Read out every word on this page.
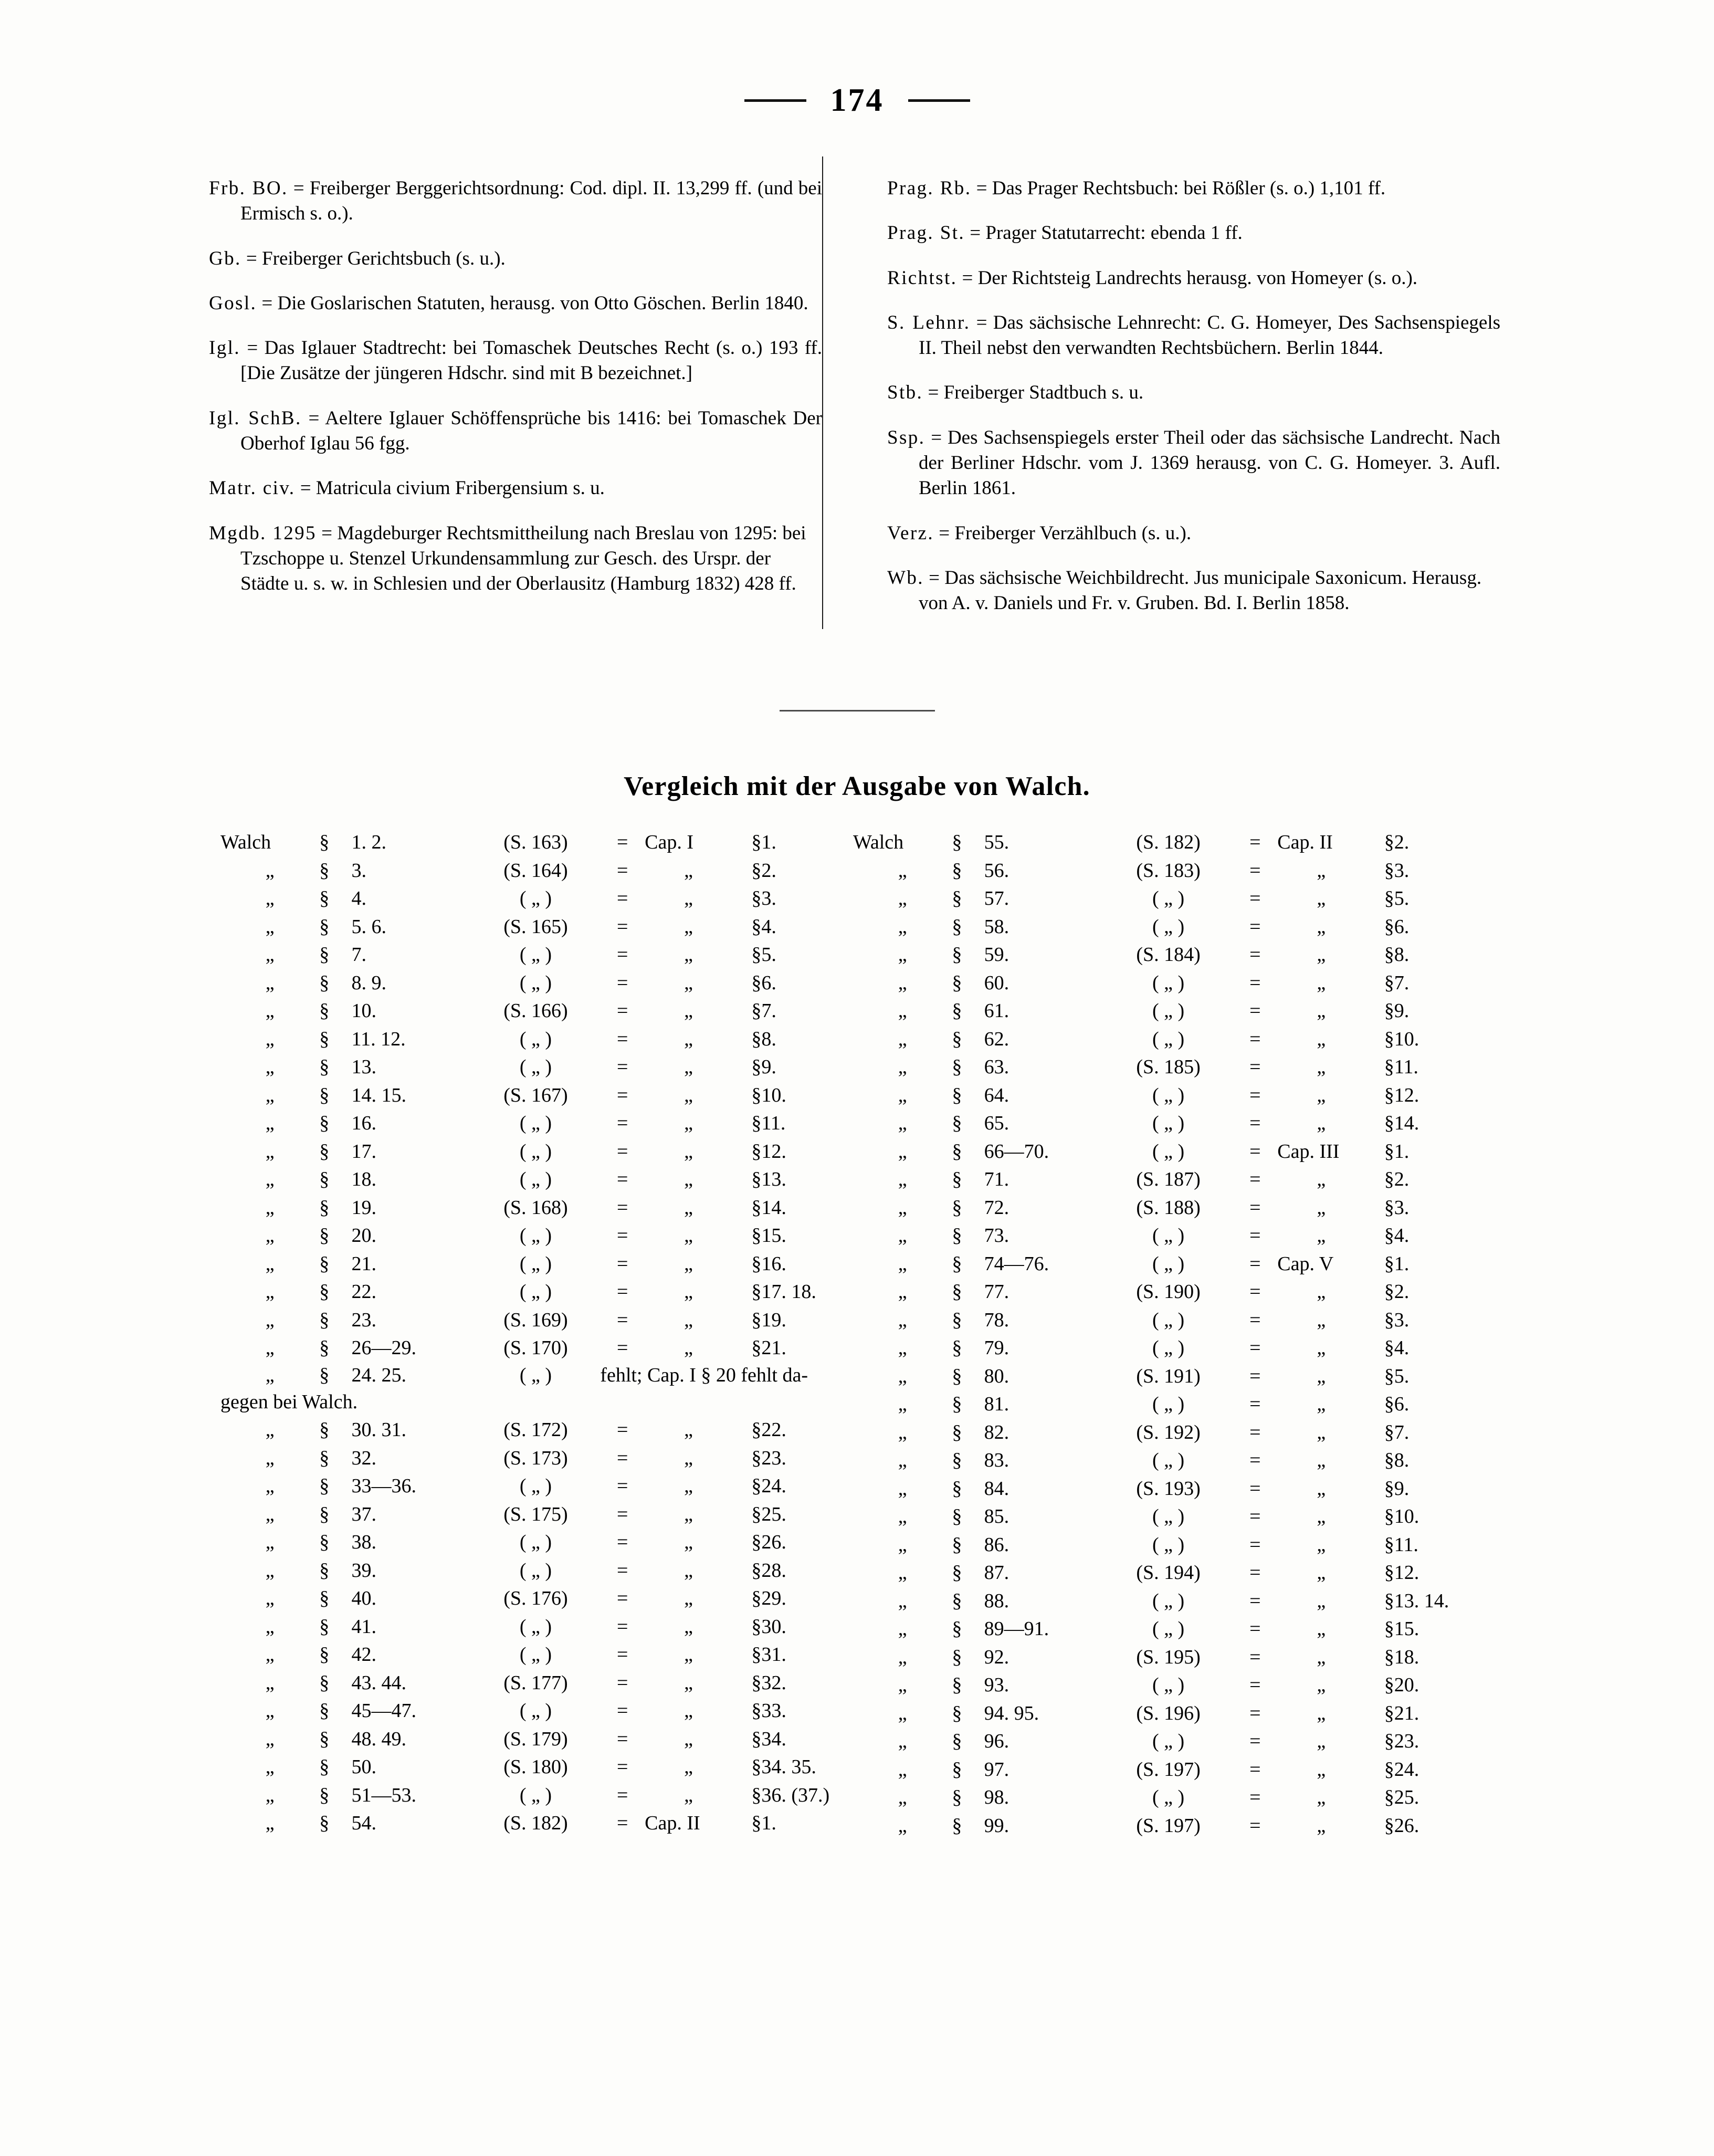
174

Frb. BO. = Freiberger Berggerichtsordnung: Cod. dipl. II. 13,299 ff. (und bei Ermisch s. o.).

Gb. = Freiberger Gerichtsbuch (s. u.).

Gosl. = Die Goslarischen Statuten, herausg. von Otto Göschen. Berlin 1840.

Igl. = Das Iglauer Stadtrecht: bei Tomaschek Deutsches Recht (s. o.) 193 ff. [Die Zusätze der jüngeren Hdschr. sind mit B bezeichnet.]

Igl. SchB. = Aeltere Iglauer Schöffensprüche bis 1416: bei Tomaschek Der Oberhof Iglau 56 fgg.

Matr. civ. = Matricula civium Fribergensium s. u.

Mgdb. 1295 = Magdeburger Rechtsmittheilung nach Breslau von 1295: bei Tzschoppe u. Stenzel Urkundensammlung zur Gesch. des Urspr. der Städte u. s. w. in Schlesien und der Oberlausitz (Hamburg 1832) 428 ff.

Prag. Rb. = Das Prager Rechtsbuch: bei Rößler (s. o.) 1,101 ff.

Prag. St. = Prager Statutarrecht: ebenda 1 ff.

Richtst. = Der Richtsteig Landrechts herausg. von Homeyer (s. o.).

S. Lehnr. = Das sächsische Lehnrecht: C. G. Homeyer, Des Sachsenspiegels II. Theil nebst den verwandten Rechtsbüchern. Berlin 1844.

Stb. = Freiberger Stadtbuch s. u.

Ssp. = Des Sachsenspiegels erster Theil oder das sächsische Landrecht. Nach der Berliner Hdschr. vom J. 1369 herausg. von C. G. Homeyer. 3. Aufl. Berlin 1861.

Verz. = Freiberger Verzählbuch (s. u.).

Wb. = Das sächsische Weichbildrecht. Jus municipale Saxonicum. Herausg. von A. v. Daniels und Fr. v. Gruben. Bd. I. Berlin 1858.

Vergleich mit der Ausgabe von Walch.
Walch	§	1. 2.	(S. 163)	=	Cap. I	§	1.
„	§	3.	(S. 164)	=	„	§	2.
„	§	4.	( „ )	=	„	§	3.
„	§	5. 6.	(S. 165)	=	„	§	4.
„	§	7.	( „ )	=	„	§	5.
„	§	8. 9.	( „ )	=	„	§	6.
„	§	10.	(S. 166)	=	„	§	7.
„	§	11. 12.	( „ )	=	„	§	8.
„	§	13.	( „ )	=	„	§	9.
„	§	14. 15.	(S. 167)	=	„	§	10.
„	§	16.	( „ )	=	„	§	11.
„	§	17.	( „ )	=	„	§	12.
„	§	18.	( „ )	=	„	§	13.
„	§	19.	(S. 168)	=	„	§	14.
„	§	20.	( „ )	=	„	§	15.
„	§	21.	( „ )	=	„	§	16.
„	§	22.	( „ )	=	„	§	17. 18.
„	§	23.	(S. 169)	=	„	§	19.
„	§	26—29.	(S. 170)	=	„	§	21.
„	§	24. 25.	( „ )	fehlt; Cap. I § 20 fehlt da-			
gegen bei Walch.							
„	§	30. 31.	(S. 172)	=	„	§	22.
„	§	32.	(S. 173)	=	„	§	23.
„	§	33—36.	( „ )	=	„	§	24.
„	§	37.	(S. 175)	=	„	§	25.
„	§	38.	( „ )	=	„	§	26.
„	§	39.	( „ )	=	„	§	28.
„	§	40.	(S. 176)	=	„	§	29.
„	§	41.	( „ )	=	„	§	30.
„	§	42.	( „ )	=	„	§	31.
„	§	43. 44.	(S. 177)	=	„	§	32.
„	§	45—47.	( „ )	=	„	§	33.
„	§	48. 49.	(S. 179)	=	„	§	34.
„	§	50.	(S. 180)	=	„	§	34. 35.
„	§	51—53.	( „ )	=	„	§	36. (37.)
„	§	54.	(S. 182)	=	Cap. II	§	1.
Walch	§	55.	(S. 182)	=	Cap. II	§	2.
„	§	56.	(S. 183)	=	„	§	3.
„	§	57.	( „ )	=	„	§	5.
„	§	58.	( „ )	=	„	§	6.
„	§	59.	(S. 184)	=	„	§	8.
„	§	60.	( „ )	=	„	§	7.
„	§	61.	( „ )	=	„	§	9.
„	§	62.	( „ )	=	„	§	10.
„	§	63.	(S. 185)	=	„	§	11.
„	§	64.	( „ )	=	„	§	12.
„	§	65.	( „ )	=	„	§	14.
„	§	66—70.	( „ )	=	Cap. III	§	1.
„	§	71.	(S. 187)	=	„	§	2.
„	§	72.	(S. 188)	=	„	§	3.
„	§	73.	( „ )	=	„	§	4.
„	§	74—76.	( „ )	=	Cap. V	§	1.
„	§	77.	(S. 190)	=	„	§	2.
„	§	78.	( „ )	=	„	§	3.
„	§	79.	( „ )	=	„	§	4.
„	§	80.	(S. 191)	=	„	§	5.
„	§	81.	( „ )	=	„	§	6.
„	§	82.	(S. 192)	=	„	§	7.
„	§	83.	( „ )	=	„	§	8.
„	§	84.	(S. 193)	=	„	§	9.
„	§	85.	( „ )	=	„	§	10.
„	§	86.	( „ )	=	„	§	11.
„	§	87.	(S. 194)	=	„	§	12.
„	§	88.	( „ )	=	„	§	13. 14.
„	§	89—91.	( „ )	=	„	§	15.
„	§	92.	(S. 195)	=	„	§	18.
„	§	93.	( „ )	=	„	§	20.
„	§	94. 95.	(S. 196)	=	„	§	21.
„	§	96.	( „ )	=	„	§	23.
„	§	97.	(S. 197)	=	„	§	24.
„	§	98.	( „ )	=	„	§	25.
„	§	99.	(S. 197)	=	„	§	26.
